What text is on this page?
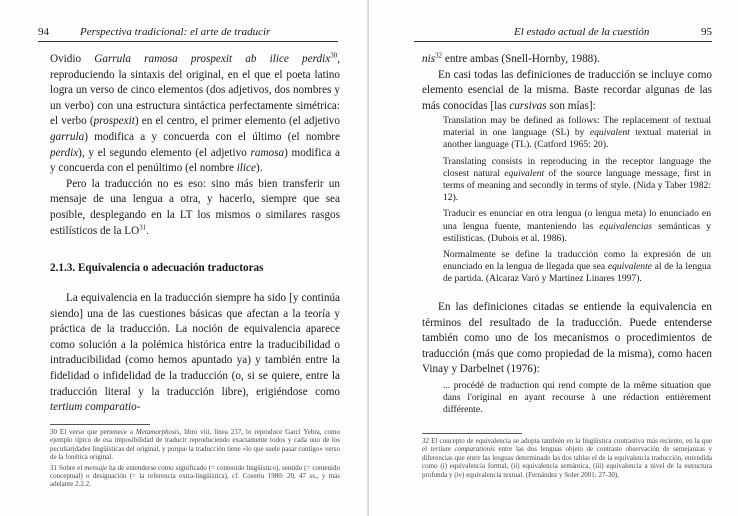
94	Perspectiva tradicional: el arte de traducir

Ovidio Garrula ramosa prospexit ab ilice perdix$^{30}$, reproduciendo la sintaxis del original, en el que el poeta latino logra un verso de cinco elementos (dos adjetivos, dos nombres y un verbo) con una estructura sintáctica perfectamente simétrica: el verbo (prospexit) en el centro, el primer elemento (el adjetivo garrula) modifica a y concuerda con el último (el nombre perdix), y el segundo elemento (el adjetivo ramosa) modifica a y concuerda con el penúltimo (el nombre ilice).

Pero la traducción no es eso: sino más bien transferir un mensaje de una lengua a otra, y hacerlo, siempre que sea posible, desplegando en la LT los mismos o similares rasgos estilísticos de la LO$^{31}$.

2.1.3. Equivalencia o adecuación traductoras

La equivalencia en la traducción siempre ha sido [y continúa siendo] una de las cuestiones básicas que afectan a la teoría y práctica de la traducción. La noción de equivalencia aparece como solución a la polémica histórica entre la traducibilidad o intraducibilidad (como hemos apuntado ya) y también entre la fidelidad o infidelidad de la traducción (o, si se quiere, entre la traducción literal y la traducción libre), erigiéndose como tertium comparatio-

30 El verso que pertenece a Metamorphosis, libro viii, línea 237, lo reproduce Garcí Yebra, como ejemplo típico de esa imposibilidad de traducir reproduciendo exactamente todos y cada uno de los peculiaridades lingüísticas del original, y porque la traducción tiene «lo que suele pasar contigo» verso de la fonética original.

31 Sobre el mensaje ha de entenderse como significado (= contenido lingüístico), sentido (= contenido conceptual) o designación (= la referencia extra-lingüística), cf. Coseriu 1980: 20, 47 ss., y más adelante 2.2.2.

El estado actual de la cuestión	95

nis$^{32}$ entre ambas (Snell-Hornby, 1988).

En casi todas las definiciones de traducción se incluye como elemento esencial de la misma. Baste recordar algunas de las más conocidas [las cursivas son mías]:

Translation may be defined as follows: The replacement of textual material in one language (SL) by equivalent textual material in another language (TL). (Catford 1965: 20).

Translating consists in reproducing in the receptor language the closest natural equivalent of the source language message, first in terms of meaning and secondly in terms of style. (Nida y Taber 1982: 12).

Traducir es enunciar en otra lengua (o lengua meta) lo enunciado en una lengua fuente, manteniendo las equivalencias semánticas y estilísticas. (Dubois et al. 1986).

Normalmente se define la traducción como la expresión de un enunciado en la lengua de llegada que sea equivalente al de la lengua de partida. (Alcaraz Varó y Martínez Linares 1997).

En las definiciones citadas se entiende la equivalencia en términos del resultado de la traducción. Puede entenderse también como uno de los mecanismos o procedimientos de traducción (más que como propiedad de la misma), como hacen Vinay y Darbelnet (1976):

... procédé de traduction qui rend compte de la même situation que dans l'original en ayant recourse à une rédaction entièrement différente.

32 El concepto de equivalencia se adopta también en la lingüística contrastiva más reciente, en la que el tertium comparationis entre las dos lenguas objeto de contraste observación de semejanzas y diferencias que entre las lenguas determinado las dos tablas el de la equivalencia traducción, entendida como (i) equivalencia formal, (ii) equivalencia semántica, (iii) equivalencia a nivel de la estructura profunda y (iv) equivalencia textual. (Fernández y Soler 2001: 27-30).
